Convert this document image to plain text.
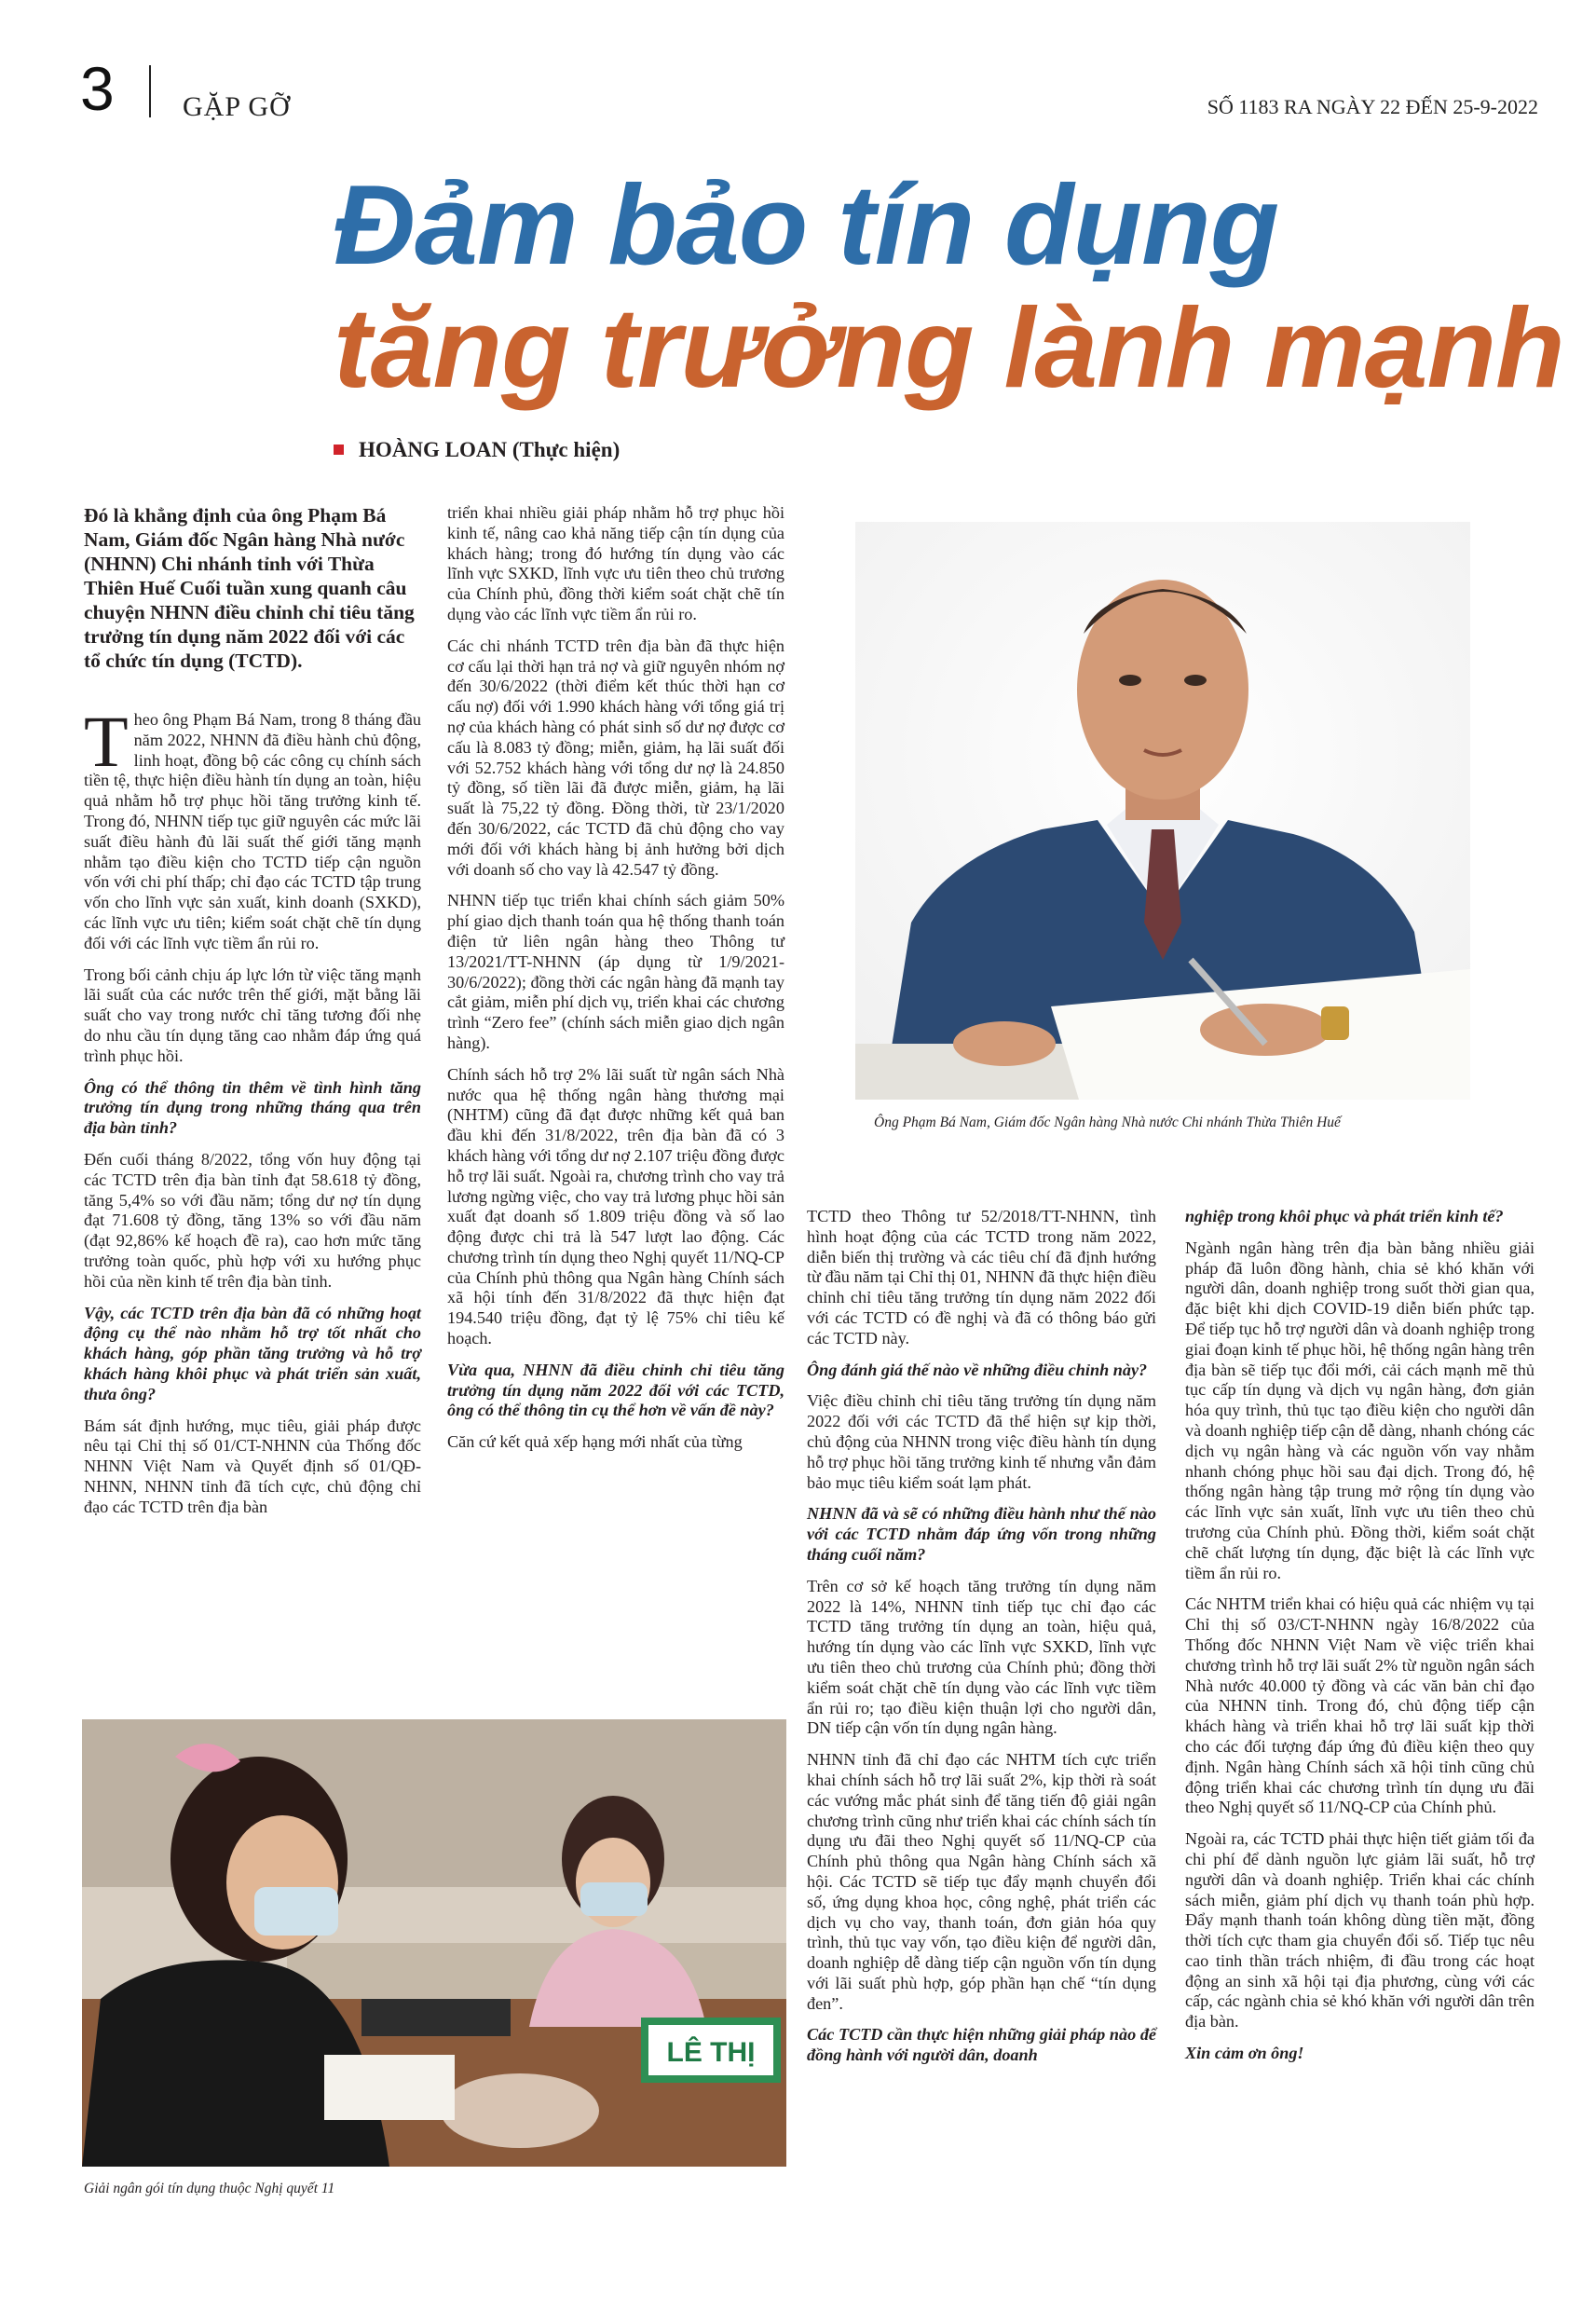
3 GẶP GỠ	SỐ 1183 RA NGÀY 22 ĐẾN 25-9-2022
Đảm bảo tín dụng
tăng trưởng lành mạnh
HOÀNG LOAN (Thực hiện)

Đó là khẳng định của ông Phạm Bá Nam, Giám đốc Ngân hàng Nhà nước (NHNN) Chi nhánh tỉnh với Thừa Thiên Huế Cuối tuần xung quanh câu chuyện NHNN điều chỉnh chỉ tiêu tăng trưởng tín dụng năm 2022 đối với các tổ chức tín dụng (TCTD).

Theo ông Phạm Bá Nam, trong 8 tháng đầu năm 2022, NHNN đã điều hành chủ động, linh hoạt, đồng bộ các công cụ chính sách tiền tệ, thực hiện điều hành tín dụng an toàn, hiệu quả nhằm hỗ trợ phục hồi tăng trưởng kinh tế. Trong đó, NHNN tiếp tục giữ nguyên các mức lãi suất điều hành đủ lãi suất thế giới tăng mạnh nhằm tạo điều kiện cho TCTD tiếp cận nguồn vốn với chi phí thấp; chỉ đạo các TCTD tập trung vốn cho lĩnh vực sản xuất, kinh doanh (SXKD), các lĩnh vực ưu tiên; kiểm soát chặt chẽ tín dụng đối với các lĩnh vực tiềm ẩn rủi ro.

Trong bối cảnh chịu áp lực lớn từ việc tăng mạnh lãi suất của các nước trên thế giới, mặt bằng lãi suất cho vay trong nước chỉ tăng tương đối nhẹ do nhu cầu tín dụng tăng cao nhằm đáp ứng quá trình phục hồi.

Ông có thể thông tin thêm về tình hình tăng trưởng tín dụng trong những tháng qua trên địa bàn tỉnh?

Đến cuối tháng 8/2022, tổng vốn huy động tại các TCTD trên địa bàn tỉnh đạt 58.618 tỷ đồng, tăng 5,4% so với đầu năm; tổng dư nợ tín dụng đạt 71.608 tỷ đồng, tăng 13% so với đầu năm (đạt 92,86% kế hoạch đề ra), cao hơn mức tăng trưởng toàn quốc, phù hợp với xu hướng phục hồi của nền kinh tế trên địa bàn tỉnh.

Vậy, các TCTD trên địa bàn đã có những hoạt động cụ thể nào nhằm hỗ trợ tốt nhất cho khách hàng, góp phần tăng trưởng và hỗ trợ khách hàng khôi phục và phát triển sản xuất, thưa ông?

Bám sát định hướng, mục tiêu, giải pháp được nêu tại Chỉ thị số 01/CT-NHNN của Thống đốc NHNN Việt Nam và Quyết định số 01/QĐ-NHNN, NHNN tỉnh đã tích cực, chủ động chỉ đạo các TCTD trên địa bàn

triển khai nhiều giải pháp nhằm hỗ trợ phục hồi kinh tế, nâng cao khả năng tiếp cận tín dụng của khách hàng; trong đó hướng tín dụng vào các lĩnh vực SXKD, lĩnh vực ưu tiên theo chủ trương của Chính phủ, đồng thời kiểm soát chặt chẽ tín dụng vào các lĩnh vực tiềm ẩn rủi ro.

Các chi nhánh TCTD trên địa bàn đã thực hiện cơ cấu lại thời hạn trả nợ và giữ nguyên nhóm nợ đến 30/6/2022 (thời điểm kết thúc thời hạn cơ cấu nợ) đối với 1.990 khách hàng với tổng giá trị nợ của khách hàng có phát sinh số dư nợ được cơ cấu là 8.083 tỷ đồng; miễn, giảm, hạ lãi suất đối với 52.752 khách hàng với tổng dư nợ là 24.850 tỷ đồng, số tiền lãi đã được miễn, giảm, hạ lãi suất là 75,22 tỷ đồng. Đồng thời, từ 23/1/2020 đến 30/6/2022, các TCTD đã chủ động cho vay mới đối với khách hàng bị ảnh hưởng bởi dịch với doanh số cho vay là 42.547 tỷ đồng.

NHNN tiếp tục triển khai chính sách giảm 50% phí giao dịch thanh toán qua hệ thống thanh toán điện tử liên ngân hàng theo Thông tư 13/2021/TT-NHNN (áp dụng từ 1/9/2021-30/6/2022); đồng thời các ngân hàng đã mạnh tay cắt giảm, miễn phí dịch vụ, triển khai các chương trình “Zero fee” (chính sách miễn giao dịch ngân hàng).

Chính sách hỗ trợ 2% lãi suất từ ngân sách Nhà nước qua hệ thống ngân hàng thương mại (NHTM) cũng đã đạt được những kết quả ban đầu khi đến 31/8/2022, trên địa bàn đã có 3 khách hàng với tổng dư nợ 2.107 triệu đồng được hỗ trợ lãi suất. Ngoài ra, chương trình cho vay trả lương ngừng việc, cho vay trả lương phục hồi sản xuất đạt doanh số 1.809 triệu đồng và số lao động được chi trả là 547 lượt lao động. Các chương trình tín dụng theo Nghị quyết 11/NQ-CP của Chính phủ thông qua Ngân hàng Chính sách xã hội tính đến 31/8/2022 đã thực hiện đạt 194.540 triệu đồng, đạt tỷ lệ 75% chỉ tiêu kế hoạch.

Vừa qua, NHNN đã điều chỉnh chỉ tiêu tăng trưởng tín dụng năm 2022 đối với các TCTD, ông có thể thông tin cụ thể hơn về vấn đề này?

Căn cứ kết quả xếp hạng mới nhất của từng

TCTD theo Thông tư 52/2018/TT-NHNN, tình hình hoạt động của các TCTD trong năm 2022, diễn biến thị trường và các tiêu chí đã định hướng từ đầu năm tại Chỉ thị 01, NHNN đã thực hiện điều chỉnh chỉ tiêu tăng trưởng tín dụng năm 2022 đối với các TCTD có đề nghị và đã có thông báo gửi các TCTD này.

Ông đánh giá thế nào về những điều chỉnh này?

Việc điều chỉnh chỉ tiêu tăng trưởng tín dụng năm 2022 đối với các TCTD đã thể hiện sự kịp thời, chủ động của NHNN trong việc điều hành tín dụng hỗ trợ phục hồi tăng trưởng kinh tế nhưng vẫn đảm bảo mục tiêu kiểm soát lạm phát.

NHNN đã và sẽ có những điều hành như thế nào với các TCTD nhằm đáp ứng vốn trong những tháng cuối năm?

Trên cơ sở kế hoạch tăng trưởng tín dụng năm 2022 là 14%, NHNN tỉnh tiếp tục chỉ đạo các TCTD tăng trưởng tín dụng an toàn, hiệu quả, hướng tín dụng vào các lĩnh vực SXKD, lĩnh vực ưu tiên theo chủ trương của Chính phủ; đồng thời kiểm soát chặt chẽ tín dụng vào các lĩnh vực tiềm ẩn rủi ro; tạo điều kiện thuận lợi cho người dân, DN tiếp cận vốn tín dụng ngân hàng.

NHNN tỉnh đã chỉ đạo các NHTM tích cực triển khai chính sách hỗ trợ lãi suất 2%, kịp thời rà soát các vướng mắc phát sinh để tăng tiến độ giải ngân chương trình cũng như triển khai các chính sách tín dụng ưu đãi theo Nghị quyết số 11/NQ-CP của Chính phủ thông qua Ngân hàng Chính sách xã hội. Các TCTD sẽ tiếp tục đẩy mạnh chuyển đổi số, ứng dụng khoa học, công nghệ, phát triển các dịch vụ cho vay, thanh toán, đơn giản hóa quy trình, thủ tục vay vốn, tạo điều kiện để người dân, doanh nghiệp dễ dàng tiếp cận nguồn vốn tín dụng với lãi suất phù hợp, góp phần hạn chế “tín dụng đen”.

Các TCTD cần thực hiện những giải pháp nào để đồng hành với người dân, doanh

nghiệp trong khôi phục và phát triển kinh tế?

Ngành ngân hàng trên địa bàn bằng nhiều giải pháp đã luôn đồng hành, chia sẻ khó khăn với người dân, doanh nghiệp trong suốt thời gian qua, đặc biệt khi dịch COVID-19 diễn biến phức tạp. Để tiếp tục hỗ trợ người dân và doanh nghiệp trong giai đoạn kinh tế phục hồi, hệ thống ngân hàng trên địa bàn sẽ tiếp tục đổi mới, cải cách mạnh mẽ thủ tục cấp tín dụng và dịch vụ ngân hàng, đơn giản hóa quy trình, thủ tục tạo điều kiện cho người dân và doanh nghiệp tiếp cận dễ dàng, nhanh chóng các dịch vụ ngân hàng và các nguồn vốn vay nhằm nhanh chóng phục hồi sau đại dịch. Trong đó, hệ thống ngân hàng tập trung mở rộng tín dụng vào các lĩnh vực sản xuất, lĩnh vực ưu tiên theo chủ trương của Chính phủ. Đồng thời, kiểm soát chặt chẽ chất lượng tín dụng, đặc biệt là các lĩnh vực tiềm ẩn rủi ro.

Các NHTM triển khai có hiệu quả các nhiệm vụ tại Chỉ thị số 03/CT-NHNN ngày 16/8/2022 của Thống đốc NHNN Việt Nam về việc triển khai chương trình hỗ trợ lãi suất 2% từ nguồn ngân sách Nhà nước 40.000 tỷ đồng và các văn bản chỉ đạo của NHNN tỉnh. Trong đó, chủ động tiếp cận khách hàng và triển khai hỗ trợ lãi suất kịp thời cho các đối tượng đáp ứng đủ điều kiện theo quy định. Ngân hàng Chính sách xã hội tỉnh cũng chủ động triển khai các chương trình tín dụng ưu đãi theo Nghị quyết số 11/NQ-CP của Chính phủ.

Ngoài ra, các TCTD phải thực hiện tiết giảm tối đa chi phí để dành nguồn lực giảm lãi suất, hỗ trợ người dân và doanh nghiệp. Triển khai các chính sách miễn, giảm phí dịch vụ thanh toán phù hợp. Đẩy mạnh thanh toán không dùng tiền mặt, đồng thời tích cực tham gia chuyển đổi số. Tiếp tục nêu cao tinh thần trách nhiệm, đi đầu trong các hoạt động an sinh xã hội tại địa phương, cùng với các cấp, các ngành chia sẻ khó khăn với người dân trên địa bàn.

Xin cảm ơn ông!

Ông Phạm Bá Nam, Giám đốc Ngân hàng Nhà nước Chi nhánh Thừa Thiên Huế
LÊ THỊ
Giải ngân gói tín dụng thuộc Nghị quyết 11
